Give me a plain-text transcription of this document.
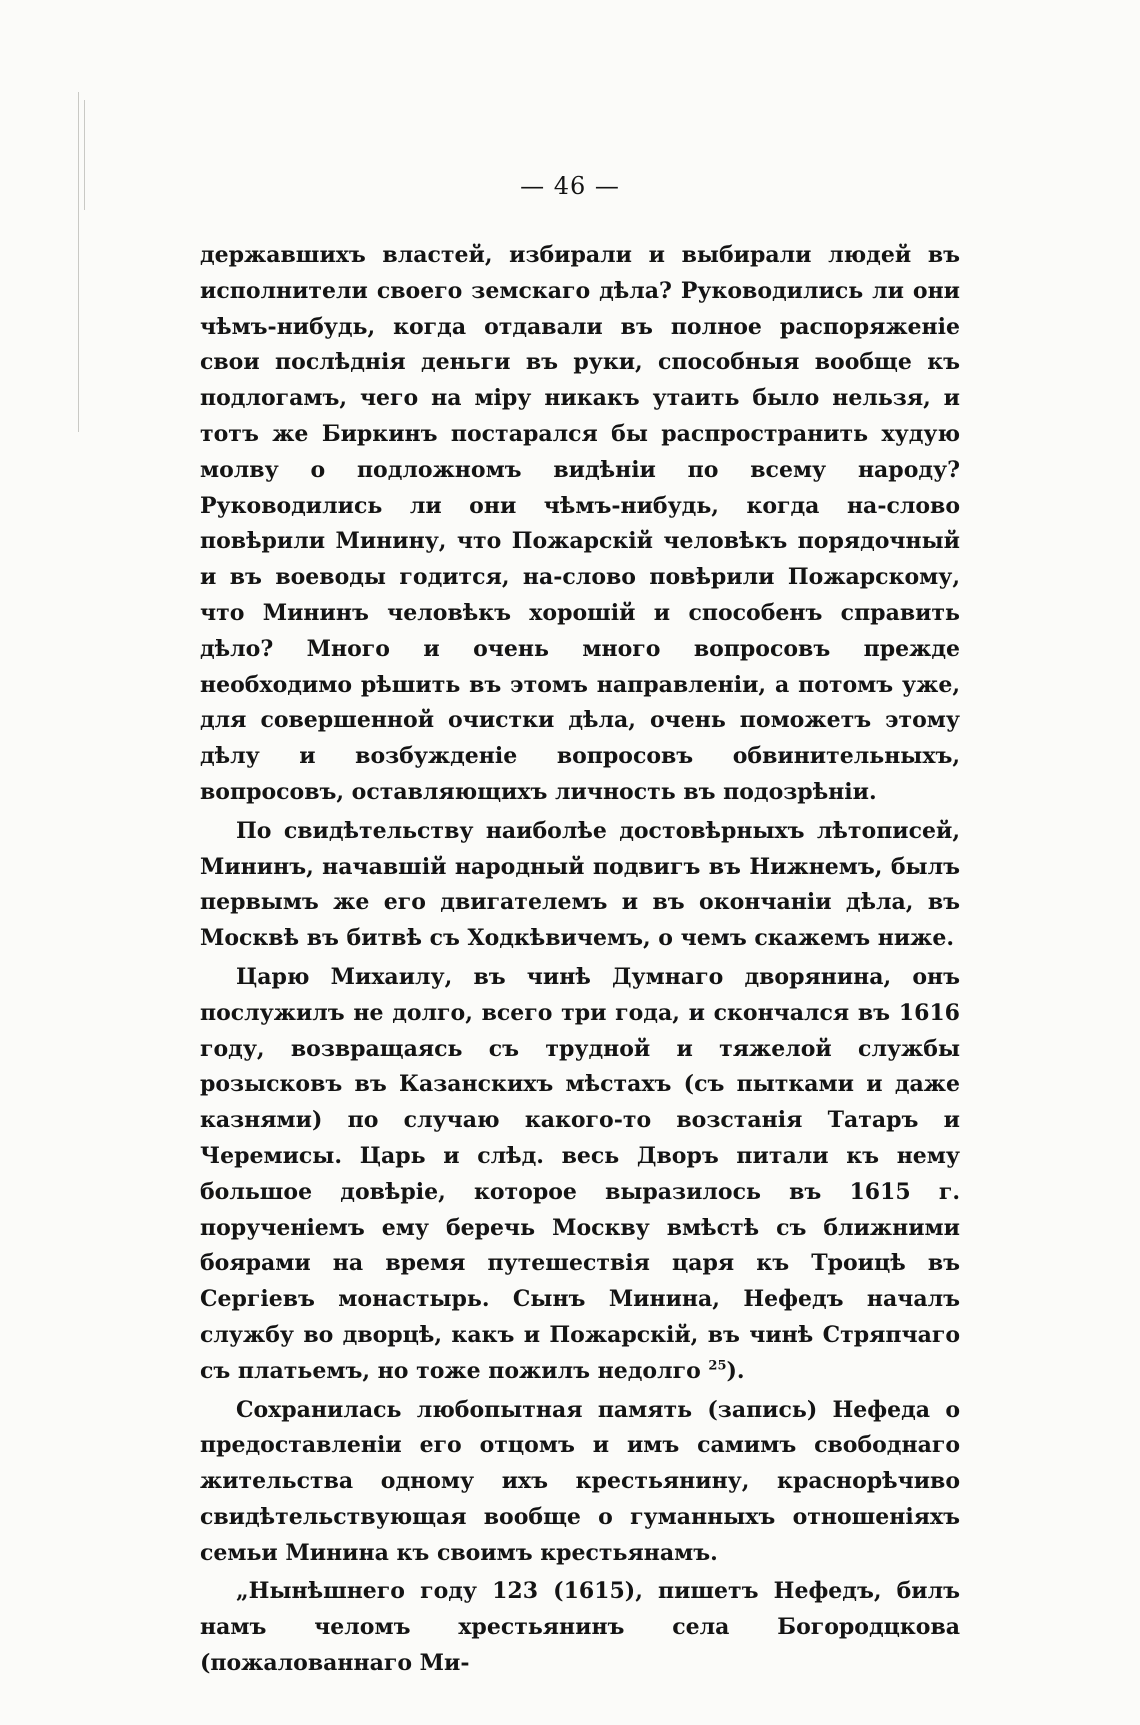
— 46 —

державшихъ властей, избирали и выбирали людей въ исполнители своего земскаго дѣла? Руководились ли они чѣмъ-нибудь, когда отдавали въ полное распоряженіе свои послѣднія деньги въ руки, способныя вообще къ подлогамъ, чего на міру никакъ утаить было нельзя, и тотъ же Биркинъ постарался бы распространить худую молву о подложномъ видѣніи по всему народу? Руководились ли они чѣмъ-нибудь, когда на-слово повѣрили Минину, что Пожарскій человѣкъ порядочный и въ воеводы годится, на-слово повѣрили Пожарскому, что Мининъ человѣкъ хорошій и способенъ справить дѣло? Много и очень много вопросовъ прежде необходимо рѣшить въ этомъ направленіи, а потомъ уже, для совершенной очистки дѣла, очень поможетъ этому дѣлу и возбужденіе вопросовъ обвинительныхъ, вопросовъ, оставляющихъ личность въ подозрѣніи.

По свидѣтельству наиболѣе достовѣрныхъ лѣтописей, Мининъ, начавшій народный подвигъ въ Нижнемъ, былъ первымъ же его двигателемъ и въ окончаніи дѣла, въ Москвѣ въ битвѣ съ Ходкѣвичемъ, о чемъ скажемъ ниже.

Царю Михаилу, въ чинѣ Думнаго дворянина, онъ послужилъ не долго, всего три года, и скончался въ 1616 году, возвращаясь съ трудной и тяжелой службы розысковъ въ Казанскихъ мѣстахъ (съ пытками и даже казнями) по случаю какого-то возстанія Татаръ и Черемисы. Царь и слѣд. весь Дворъ питали къ нему большое довѣріе, которое выразилось въ 1615 г. порученіемъ ему беречь Москву вмѣстѣ съ ближними боярами на время путешествія царя къ Троицѣ въ Сергіевъ монастырь. Сынъ Минина, Нефедъ началъ службу во дворцѣ, какъ и Пожарскій, въ чинѣ Стряпчаго съ платьемъ, но тоже пожилъ недолго $^{25}$).

Сохранилась любопытная память (запись) Нефеда о предоставленіи его отцомъ и имъ самимъ свободнаго жительства одному ихъ крестьянину, краснорѣчиво свидѣтельствующая вообще о гуманныхъ отношеніяхъ семьи Минина къ своимъ крестьянамъ.

„Нынѣшнего году 123 (1615), пишетъ Нефедъ, билъ намъ челомъ хрестьянинъ села Богородцкова (пожалованнаго Ми-
